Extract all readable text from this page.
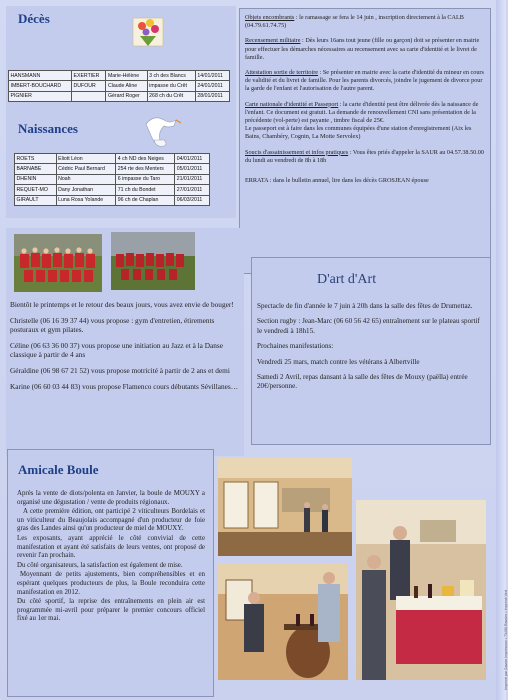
Décès
HANSMANN	EXERTIER	Marie-Hélène	3 ch des Blancs	14/01/2011
IMBERT-BOUCHARD	DUFOUR	Claude Aline	impasse du Crêt	24/01/2011
PIGNIER		Gérard Roger	268 ch du Crêt	28/01/2011
Naissances
ROETS	Eliott Léon	4 ch ND des Neiges	04/01/2011
BARNABE	Cédric Paul Bernard	254 rte des Menters	05/01/2011
DHENIN	Noah	6 impasse du Taro	21/01/2011
REQUET-MO	Dany Jonathan	71 ch du Bondet	27/01/2011
GIRAULT	Luna Rosa Yolande	96 ch de Chaplan	06/03/2011
Objets encombrants : le ramassage se fera le 14 juin , inscription directement à la CALB (04.79.61.74.75)
Recensement militaire : Dès leurs 16ans tout jeune (fille ou garçon) doit se présenter en mairie pour effectuer les démarches nécessaires au recensement avec sa carte d'identité et le livret de famille.
Attestation sortie de territoire : Se présenter en mairie avec la carte d'identité du mineur en cours de validité et du livret de famille. Pour les parents divorcés, joindre le jugement de divorce pour la garde de l'enfant et l'autorisation de l'autre parent.
Carte nationale d'identité et Passeport : la carte d'identité peut être délivrée dès la naissance de l'enfant. Ce document est gratuit. La demande de renouvellement CNI sans présentation de la précédente (vol-perte) est payante , timbre fiscal de 25€.
Le passeport est à faire dans les communes équipées d'une station d'enregistrement (Aix les Bains, Chambéry, Cognin, La Motte Servolex)
Soucis d'assainissement et infos pratiques : Vous êtes priés d'appeler la SAUR au 04.57.38.50.00 du lundi au vendredi de 8h à 18h
ERRATA : dans le bulletin annuel, lire dans les décès GROSJEAN épouse

Bientôt le printemps et le retour des beaux jours, vous avez envie de bouger!

Christelle (06 16 39 37 44) vous propose : gym d'entretien, étirements posturaux et gym pilates.

Céline (06 63 36 00 37) vous propose une initiation au Jazz et à la Danse classique à partir de 4 ans

Géraldine (06 98 67 21 52) vous propose motricité à partir de 2 ans et demi

Karine (06 60 03 44 83) vous propose Flamenco cours débutants Sévillanes…

D'art d'Art

Spectacle de fin d'année le 7 juin à 20h dans la salle des fêtes de Drumettaz.

Section rugby : Jean-Marc (06 60 56 42 65) entraînement sur le plateau sportif le vendredi à 18h15.

Prochaines manifestations:

Vendredi 25 mars, match contre les vétérans à Albertville

Samedi 2 Avril, repas dansant à la salle des fêtes de Mouxy (paëlla) entrée 20€/personne.

Amicale Boule

Après la vente de diots/polenta en Janvier, la boule de MOUXY a organisé une dégustation / vente de produits régionaux.

A cette première édition, ont participé 2 viticulteurs Bordelais et un viticulteur du Beaujolais accompagné d'un producteur de foie gras des Landes ainsi qu'un producteur de miel de MOUXY.

Les exposants, ayant apprécié le côté convivial de cette manifestation et ayant été satisfaits de leurs ventes, ont proposé de revenir l'an prochain.

Du côté organisateurs, la satisfaction est également de mise.

Moyennant de petits ajustements, bien compréhensibles et en espérant quelques producteurs de plus, la Boule reconduira cette manifestation en 2012.

Du côté sportif, la reprise des entraînements en plein air est programmée mi-avril pour préparer le premier concours officiel fixé au 1er mai.	Imprimé par Savoie Impression • 73490 Ravoire • Imprimé Vert
